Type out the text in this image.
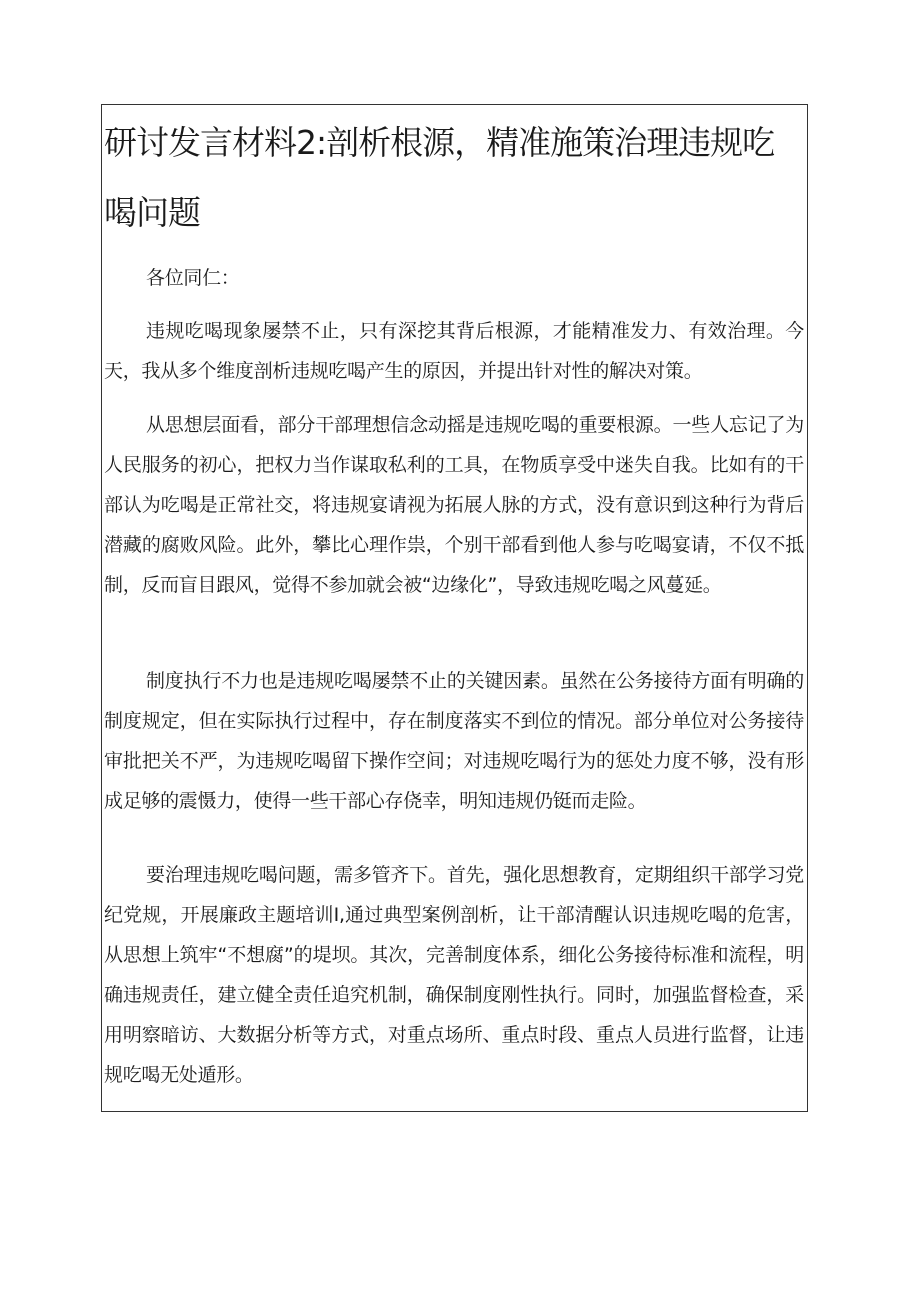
研讨发言材料2:剖析根源，精准施策治理违规吃喝问题

各位同仁：

违规吃喝现象屡禁不止，只有深挖其背后根源，才能精准发力、有效治理。今天，我从多个维度剖析违规吃喝产生的原因，并提出针对性的解决对策。

从思想层面看，部分干部理想信念动摇是违规吃喝的重要根源。一些人忘记了为人民服务的初心，把权力当作谋取私利的工具，在物质享受中迷失自我。比如有的干部认为吃喝是正常社交，将违规宴请视为拓展人脉的方式，没有意识到这种行为背后潜藏的腐败风险。此外，攀比心理作祟，个别干部看到他人参与吃喝宴请，不仅不抵制，反而盲目跟风，觉得不参加就会被“边缘化”，导致违规吃喝之风蔓延。

制度执行不力也是违规吃喝屡禁不止的关键因素。虽然在公务接待方面有明确的制度规定，但在实际执行过程中，存在制度落实不到位的情况。部分单位对公务接待审批把关不严，为违规吃喝留下操作空间；对违规吃喝行为的惩处力度不够，没有形成足够的震慑力，使得一些干部心存侥幸，明知违规仍铤而走险。

要治理违规吃喝问题，需多管齐下。首先，强化思想教育，定期组织干部学习党纪党规，开展廉政主题培训I,通过典型案例剖析，让干部清醒认识违规吃喝的危害，从思想上筑牢“不想腐”的堤坝。其次，完善制度体系，细化公务接待标准和流程，明确违规责任，建立健全责任追究机制，确保制度刚性执行。同时，加强监督检查，采用明察暗访、大数据分析等方式，对重点场所、重点时段、重点人员进行监督，让违规吃喝无处遁形。
